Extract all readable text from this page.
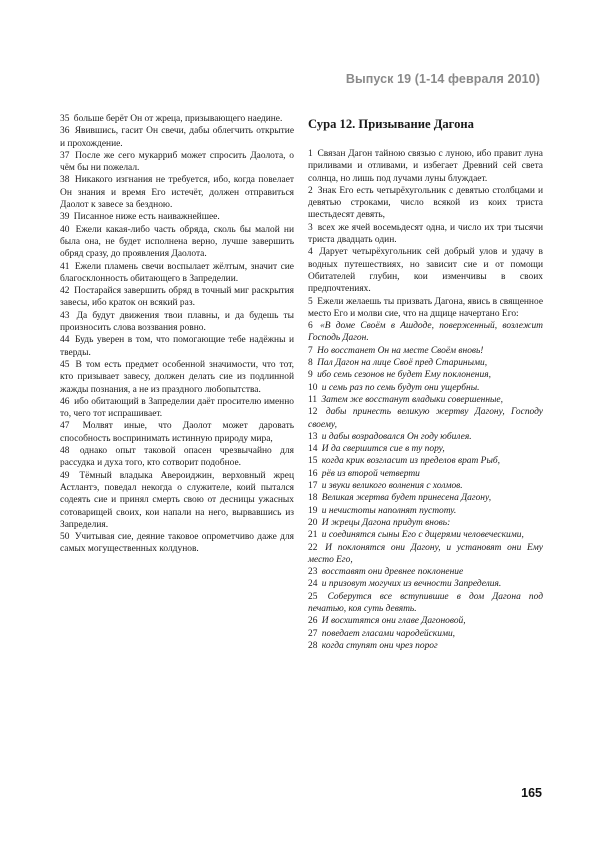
Выпуск 19 (1-14 февраля 2010)

35 больше берёт Он от жреца, призывающего наедине.

36 Явившись, гасит Он свечи, дабы облегчить открытие и прохождение.

37 После же сего мукарриб может спросить Даолота, о чём бы ни пожелал.

38 Никакого изгнания не требуется, ибо, когда повелает Он знания и время Его истечёт, должен отправиться Даолот к завесе за бездною.

39 Писанное ниже есть наиважнейшее.

40 Ежели какая-либо часть обряда, сколь бы малой ни была она, не будет исполнена верно, лучше завершить обряд сразу, до проявления Даолота.

41 Ежели пламень свечи воспылает жёлтым, значит сие благосклонность обитающего в Запределии.

42 Постарайся завершить обряд в точный миг раскрытия завесы, ибо краток он всякий раз.

43 Да будут движения твои плавны, и да будешь ты произносить слова воззвания ровно.

44 Будь уверен в том, что помогающие тебе надёжны и тверды.

45 В том есть предмет особенной значимости, что тот, кто призывает завесу, должен делать сие из подлинной жажды познания, а не из праздного любопытства.

46 ибо обитающий в Запределии даёт просителю именно то, чего тот испрашивает.

47 Молвят иные, что Даолот может даровать способность воспринимать истинную природу мира,

48 однако опыт таковой опасен чрезвычайно для рассудка и духа того, кто сотворит подобное.

49 Тёмный владыка Авероиджин, верховный жрец Астлантэ, поведал некогда о служителе, коий пытался содеять сие и принял смерть свою от десницы ужасных сотоварищей своих, кои напали на него, вырвавшись из Запределия.

50 Учитывая сие, деяние таковое опрометчиво даже для самых могущественных колдунов.

Сура 12. Призывание Дагона

1 Связан Дагон тайною связью с луною, ибо правит луна приливами и отливами, и избегает Древний сей света солнца, но лишь под лучами луны блуждает.

2 Знак Его есть четырёхугольник с девятью столбцами и девятью строками, число всякой из коих триста шестьдесят девять,

3 всех же ячей восемьдесят одна, и число их три тысячи триста двадцать один.

4 Дарует четырёхугольник сей добрый улов и удачу в водных путешествиях, но зависит сие и от помощи Обитателей глубин, кои изменчивы в своих предпочтениях.

5 Ежели желаешь ты призвать Дагона, явись в священное место Его и молви сие, что на дщице начертано Его:

6 «В доме Своём в Ашдоде, поверженный, возлежит Господь Дагон.

7 Но восстанет Он на месте Своём вновь!

8 Пал Дагон на лице Своё пред Стариными,

9 ибо семь сезонов не будет Ему поклонения,

10 и семь раз по семь будут они ущербны.

11 Затем же восстанут владыки совершенные,

12 дабы принесть великую жертву Дагону, Господу своему,

13 и дабы возрадовался Он году юбилея.

14 И да свершится сие в ту пору,

15 когда крик возгласит из пределов врат Рыб,

16 рёв из второй четверти

17 и звуки великого волнения с холмов.

18 Великая жертва будет принесена Дагону,

19 и нечистоты наполнят пустоту.

20 И жрецы Дагона придут вновь:

21 и соединятся сыны Его с дщерями человеческими,

22 И поклонятся они Дагону, и установят они Ему место Его,

23 восставят они древнее поклонение

24 и призовут могучих из вечности Запределия.

25 Соберутся все вступившие в дом Дагона под печатью, коя суть девять.

26 И восхитятся они главе Дагоновой,

27 поведает гласами чародейскими,

28 когда ступят они чрез порог

165
